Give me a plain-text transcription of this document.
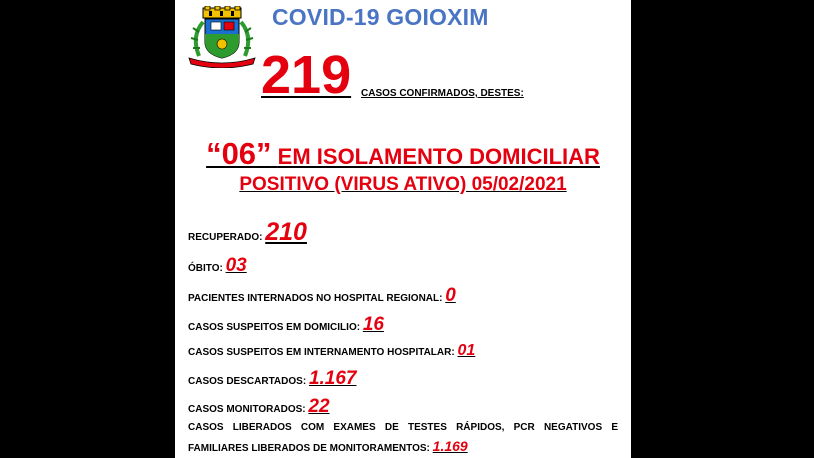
COVID-19 GOIOXIM
219 CASOS CONFIRMADOS, DESTES:
“06” EM ISOLAMENTO DOMICILIAR
POSITIVO (VIRUS ATIVO) 05/02/2021
RECUPERADO: 210
ÓBITO: 03
PACIENTES INTERNADOS NO HOSPITAL REGIONAL: 0
CASOS SUSPEITOS EM DOMICILIO: 16
CASOS SUSPEITOS EM INTERNAMENTO HOSPITALAR: 01
CASOS DESCARTADOS: 1.167
CASOS MONITORADOS: 22
CASOS LIBERADOS COM EXAMES DE TESTES RÁPIDOS, PCR NEGATIVOS E FAMILIARES LIBERADOS DE MONITORAMENTOS: 1.169
